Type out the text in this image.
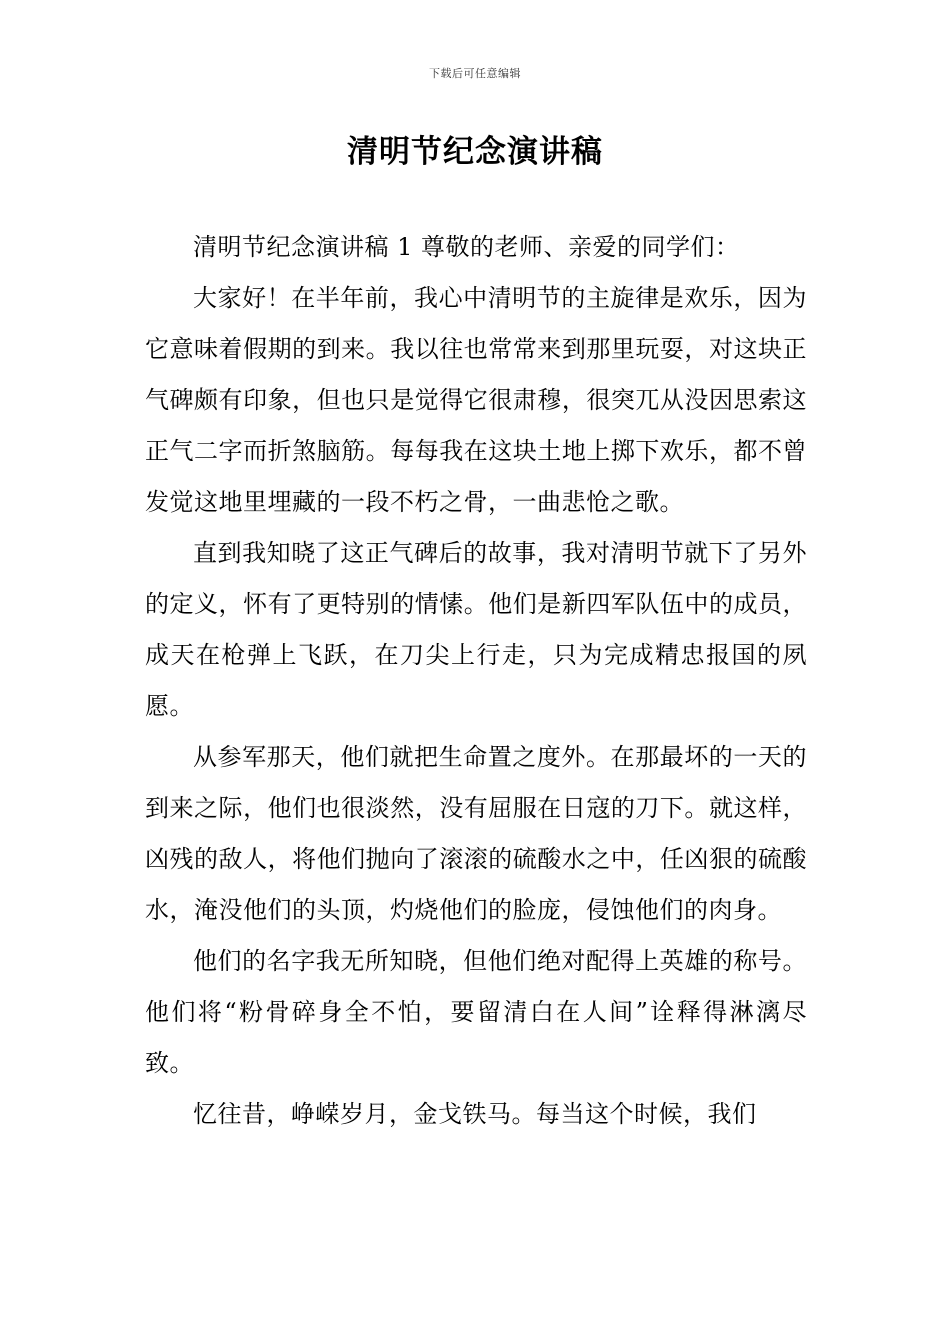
下载后可任意编辑
清明节纪念演讲稿

清明节纪念演讲稿 1 尊敬的老师、亲爱的同学们：

大家好！在半年前，我心中清明节的主旋律是欢乐，因为它意味着假期的到来。我以往也常常来到那里玩耍，对这块正气碑颇有印象，但也只是觉得它很肃穆，很突兀从没因思索这正气二字而折煞脑筋。每每我在这块土地上掷下欢乐，都不曾发觉这地里埋藏的一段不朽之骨，一曲悲怆之歌。

直到我知晓了这正气碑后的故事，我对清明节就下了另外的定义，怀有了更特别的情愫。他们是新四军队伍中的成员，成天在枪弹上飞跃，在刀尖上行走，只为完成精忠报国的夙愿。

从参军那天，他们就把生命置之度外。在那最坏的一天的到来之际，他们也很淡然，没有屈服在日寇的刀下。就这样，凶残的敌人，将他们抛向了滚滚的硫酸水之中，任凶狠的硫酸水，淹没他们的头顶，灼烧他们的脸庞，侵蚀他们的肉身。

他们的名字我无所知晓，但他们绝对配得上英雄的称号。他们将“粉骨碎身全不怕，要留清白在人间”诠释得淋漓尽致。

忆往昔，峥嵘岁月，金戈铁马。每当这个时候，我们
